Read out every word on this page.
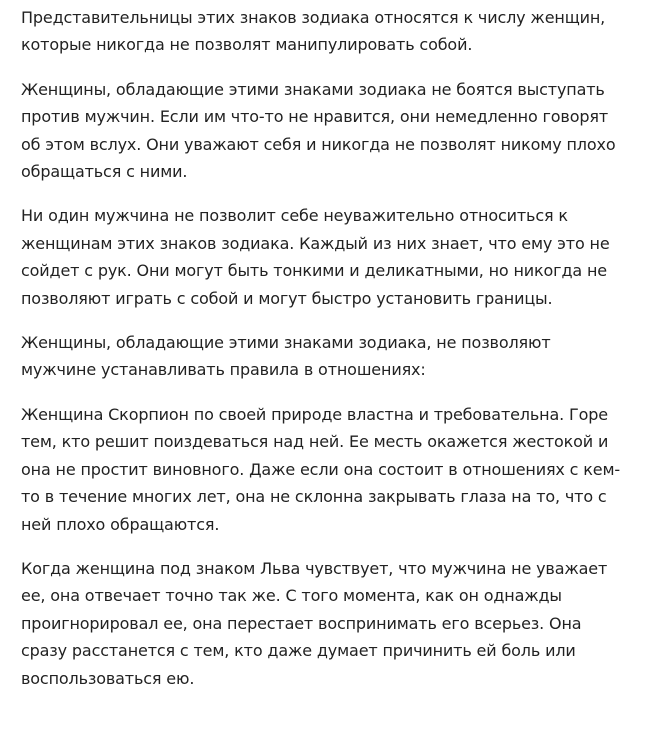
Представительницы этих знаков зодиака относятся к числу женщин, которые никогда не позволят манипулировать собой.

Женщины, обладающие этими знаками зодиака не боятся выступать против мужчин. Если им что-то не нравится, они немедленно говорят об этом вслух. Они уважают себя и никогда не позволят никому плохо обращаться с ними.

Ни один мужчина не позволит себе неуважительно относиться к женщинам этих знаков зодиака. Каждый из них знает, что ему это не сойдет с рук. Они могут быть тонкими и деликатными, но никогда не позволяют играть с собой и могут быстро установить границы.

Женщины, обладающие этими знаками зодиака, не позволяют мужчине устанавливать правила в отношениях:

Женщина Скорпион по своей природе властна и требовательна. Горе тем, кто решит поиздеваться над ней. Ее месть окажется жестокой и она не простит виновного. Даже если она состоит в отношениях с кем-то в течение многих лет, она не склонна закрывать глаза на то, что с ней плохо обращаются.

Когда женщина под знаком Льва чувствует, что мужчина не уважает ее, она отвечает точно так же. С того момента, как он однажды проигнорировал ее, она перестает воспринимать его всерьез. Она сразу расстанется с тем, кто даже думает причинить ей боль или воспользоваться ею.
